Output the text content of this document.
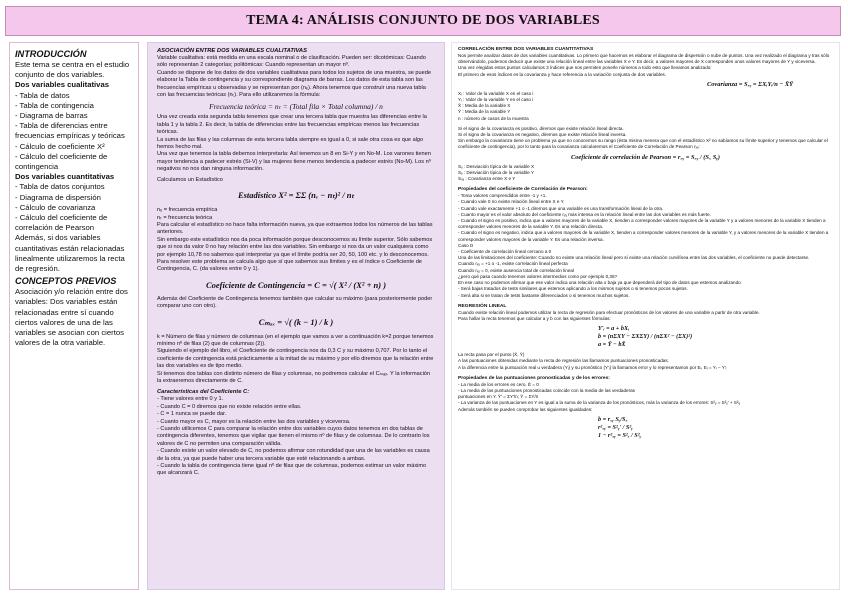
TEMA 4: ANÁLISIS CONJUNTO DE DOS VARIABLES
INTRODUCCIÓN

Este tema se centra en el estudio conjunto de dos variables.

Dos variables cualitativas

- Tabla de datos

- Tabla de contingencia

- Diagrama de barras

- Tabla de diferencias entre frecuencias empíricas y teóricas

- Cálculo de coeficiente X²

- Cálculo del coeficiente de contingencia

Dos variables cuantitativas

- Tabla de datos conjuntos

- Diagrama de dispersión

- Cálculo de covarianza

- Cálculo del coeficiente de correlación de Pearson

Además, si dos variables cuantitativas están relacionadas linealmente utilizaremos la recta de regresión.

CONCEPTOS PREVIOS

Asociación y/o relación entre dos variables: Dos variables están relacionadas entre sí cuando ciertos valores de una de las variables se asocian con ciertos valores de la otra variable.

ASOCIACIÓN ENTRE DOS VARIABLES CUALITATIVAS

Variable cualitativa: está medida en una escala nominal o de clasificación. Pueden ser: dicotómicas: Cuando sólo representan 2 categorías; politómicas: Cuando representan un mayor nº.

Cuando se dispone de los datos de dos variables cualitativas para todos los sujetos de una muestra, se puede elaborar la Tabla de contingencia y su correspondiente diagrama de barras. Los datos de esta tabla son las frecuencias empíricas u observadas y se representan por (nₑ). Ahora tenemos que construir una nueva tabla con las frecuencias teóricas (nₜ). Para ello utilizaremos la fórmula:

Frecuencia teórica = nₜ = (Total fila × Total columna) / n

Una vez creada esta segunda tabla tenemos que crear una tercera tabla que muestra las diferencias entre la tabla 1 y la tabla 2. Es decir, la tabla de diferencias entre las frecuencias empíricas menos las frecuencias teóricas.

La suma de las filas y las columnas de esta tercera tabla siempre es igual a 0, si sale otra cosa es que algo hemos hecho mal.

Una vez que tenemos la tabla debemos interpretarla: Así tenemos un 8 en Si-Y y en No-M. Los varones tienen mayor tendencia a padecer estrés (Si-V) y las mujeres tiene menos tendencia a padecer estrés (No-M). Los nº negativos no nos dan ninguna información.

Calculamos un Estadístico

Estadístico X² = ΣΣ (nₑ − nₜ)² / nₜ

nₑ = frecuencia empírica

nₜ = frecuencia teórica

Para calcular el estadístico no hace falta información nueva, ya que extraemos todos los números de las tablas anteriores.

Sin embargo este estadístico nos da poca información porque desconocemos su límite superior. Sólo sabemos que si nos da valor 0 no hay relación entre las dos variables. Sin embargo si nos da un valor cualquiera como por ejemplo 10,78 no sabemos qué interpretar ya que el límite podría ser 20, 50, 100 etc. y lo desconocemos. Para resolver este problema se calcula algo que sí que sabemos sus límites y es el índice o Coeficiente de Contingencia, C. (da valores entre 0 y 1).

Coeficiente de Contingencia = C = √( X² / (X² + n) )

Además del Coeficiente de Contingencia tenemos también que calcular su máximo (para posteriormente poder comparar uno con otro).

Cₘₐₓ = √( (k − 1) / k )

k = Número de filas y número de columnas (en el ejemplo que vamos a ver a continuación k=2 porque tenemos mínimo nº de filas (2) que de columnas (2)).

Siguiendo el ejemplo del libro, el Coeficiente de contingencia nos da 0,3 C y su máximo 0,707. Por lo tanto el coeficiente de contingencia está prácticamente a la mitad de su máximo y por ello diremos que la relación entre las dos variables es de tipo medio.

Si tenemos dos tablas con distinto número de filas y columnas, no podremos calcular el Cₘₐₓ. Y la información la extraeremos directamente de C.

Características del Coeficiente C:

- Tiene valores entre 0 y 1.

- Cuando C = 0 diremos que no existe relación entre ellas.

- C = 1 nunca se puede dar.

- Cuanto mayor es C, mayor es la relación entre las dos variables y viceversa.

- Cuando utilicemos C para comparar la relación entre dos variables cuyos datos tenemos en dos tablas de contingencia diferentes, tenemos que vigilar que tienen el mismo nº de filas y de columnas. De lo contrario los valores de C no permiten una comparación válida.

- Cuando existe un valor elevado de C, no podemos afirmar con rotundidad que una de las variables es causa de la otra, ya que puede haber una tercera variable que esté relacionando a ambas.

- Cuando la tabla de contingencia tiene igual nº de filas que de columnas, podemos estimar un valor máximo que alcanzará C.

CORRELACIÓN ENTRE DOS VARIABLES CUANTITATIVAS

Nos permite analizar datos de dos variables cuantitativas. Lo primero que hacemos es elaborar el diagrama de dispersión o nube de puntos. Una vez realizado el diagrama y tras sólo observándolo, podemos deducir que existe una relación lineal entre las variables X e Y. Es decir, a valores mayores de X corresponden unos valores mayores de Y y viceversa.

Una vez elegidas estos puntos calculamos 3 índices que nos permiten ponerle números a todo esto que llevamos analizado:

El primero de esos índices es la covarianza y hace referencia a la variación conjunta de dos variables.

Covarianza = Sₓᵧ = ΣXᵢYᵢ/n − X̄Ȳ

Xᵢ : Valor de la variable X en el caso i

Yᵢ : Valor de la variable Y en el caso i

X̄ : Media de la variable X

Ȳ : Media de la variable Y

n : número de casos de la muestra

Si el signo de la covarianza es positivo, diremos que existe relación lineal directa.

Si el signo de la covarianza es negativo, diremos que existe relación lineal inversa.

Sin embargo la covarianza tiene un problema ya que no conocemos su rango (ésta misma menera que con el estadístico X² no sabíamos su límite superior y tenemos que calcular el coeficiente de contingencia), por lo tanto para la covarianza calcularemos el Coeficiente de Correlación de Pearson rₓᵧ:

Coeficiente de correlación de Pearson = rₓᵧ = Sₓᵧ / (Sₓ Sᵧ)

Sₓ : Desviación típica de la variable X

Sᵧ : Desviación típica de la variable Y

Sₓᵧ : Covarianza entre X e Y

Propiedades del coeficiente de Correlación de Pearson:

- Toma valores comprendidos entre -1 y +1.

- Cuando vale 0 no existe relación lineal entre X e Y.

- Cuando vale exactamente +1 o -1 diremos que una variable es una transformación lineal de la otra.

- Cuanto mayor es el valor absoluto del coeficiente rₓᵧ más intensa es la relación lineal entre las dos variables es más fuerte.

- Cuando el signo es positivo, indica que a valores mayores de la variable X, tienden a corresponder valores mayores de la variable Y y a valores menores de la variable X tienden a corresponder valores menores de la variable Y. Es una relación directa.

- Cuando el signo es negativo, indica que a valores mayores de la variable X, tienden a corresponder valores menores de la variable Y, y a valores menores de la variable X tienden a corresponder valores mayores de la variable Y. Es una relación inversa.

Caso D

- Coeficiente de correlación lineal cercano a 0

Una de las limitaciones del coeficiente: Cuando no existe una relación lineal pero sí existe una relación curvilínea entre las dos variables, el coeficiente no puede detectarse.

Cuando rₓᵧ = +1 o -1, existe correlación lineal perfecta

Cuando rₓᵧ = 0, existe ausencia total de correlación lineal

¿pero qué pasa cuando tenemos valores intermedios como por ejemplo 0,35?

En ese caso no podemos afirmar que ese valor indica una relación alta o baja ya que dependerá del tipo de datos que estemos analizando

- Será bajas tratados de tests similares que estemos aplicando a los mismos sujetos o si tenemos pocos sujetos.

- Será alta si se tratan de tests bastante diferenciados o si tenemos muchos sujetos.

REGRESIÓN LINEAL

Cuando existe relación lineal podemos utilizar la recta de regresión para efectuar pronósticos de los valores de una variable a partir de otra variable.

Para hallar la recta tenemos que calcular a y b con las siguientes fórmulas:

Y'ᵢ = a + bXᵢ
b = (nΣXY − ΣXΣY) / (nΣX² − (ΣX)²)
a = Ȳ − bX̄

La recta pasa por el punto (X̄, Ȳ)

A las puntuaciones obtenidas mediante la recta de regresión las llamamos puntuaciones pronosticadas.

A la diferencia entre la puntuación real u verdadera (Yᵢ) y su pronóstico (Y'ᵢ) la llamamos error y lo representamos por Eᵢ. Eᵢ = Yᵢ − Y'ᵢ

Propiedades de las puntuaciones pronosticadas y de los errores:

- La media de los errores es cero. Ē = 0

- La media de las puntuaciones pronosticadas coincide con la media de las verdaderas

puntuaciones en Y. Ȳ' = ΣY'/n; Ȳ = ΣY/n

- La varianza de las puntuaciones en Y es igual a la suma de la varianza de los pronósticos, más la varianza de los errores: S²ᵧ = S²ᵧ' + S²ₑ

Además también se pueden comprobar las siguientes igualdades:

b = rₓᵧ Sᵧ/Sₓ
r²ₓᵧ = S²ᵧ' / S²ᵧ
1 − r²ₓᵧ = S²ₑ / S²ᵧ
